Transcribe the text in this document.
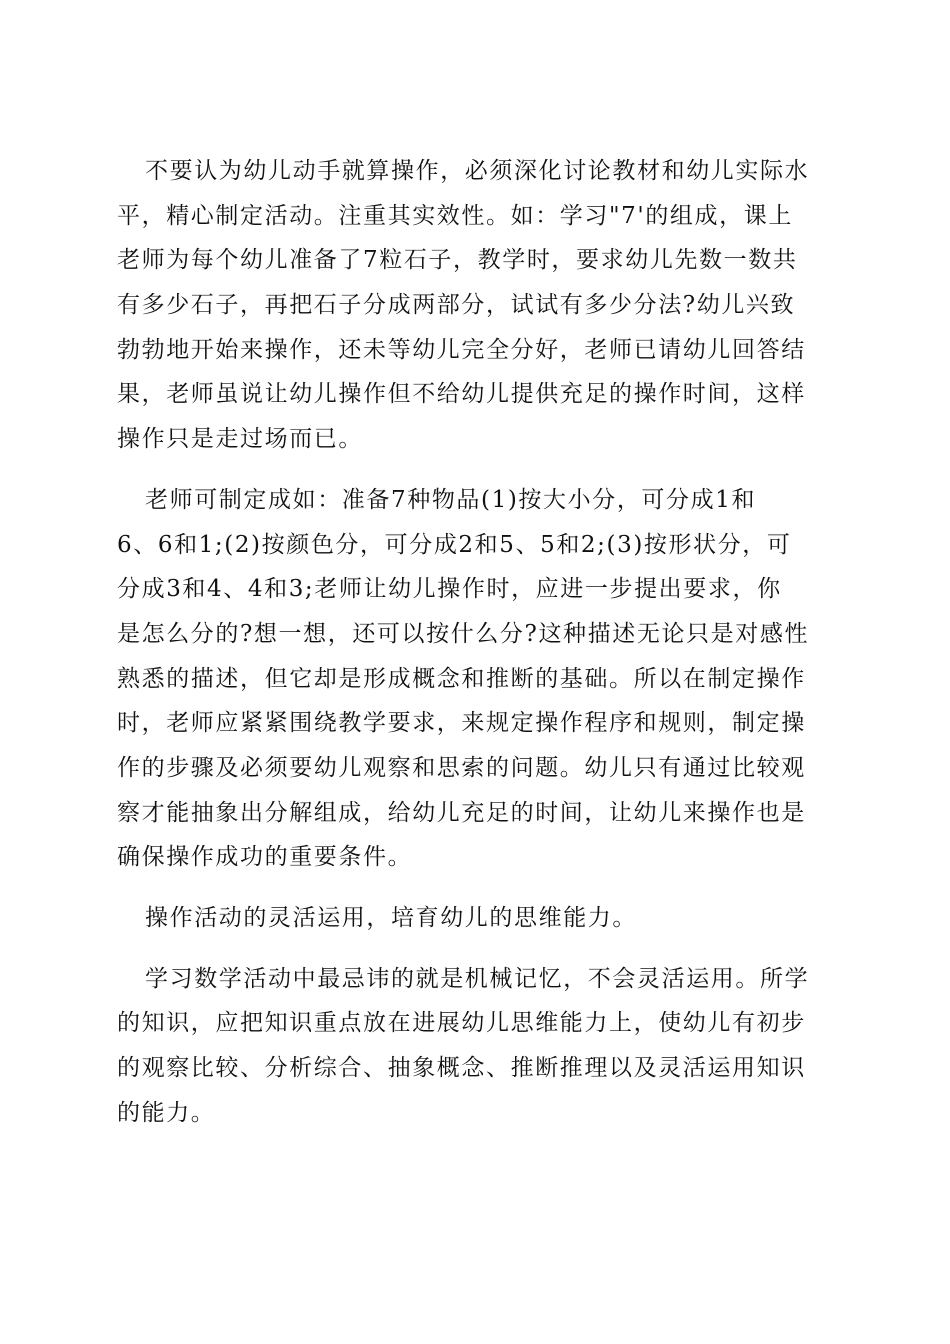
不要认为幼儿动手就算操作，必须深化讨论教材和幼儿实际水
平，精心制定活动。注重其实效性。如：学习"7'的组成，课上
老师为每个幼儿准备了7粒石子，教学时，要求幼儿先数一数共
有多少石子，再把石子分成两部分，试试有多少分法?幼儿兴致
勃勃地开始来操作，还未等幼儿完全分好，老师已请幼儿回答结
果，老师虽说让幼儿操作但不给幼儿提供充足的操作时间，这样
操作只是走过场而已。
老师可制定成如：准备7种物品(1)按大小分，可分成1和
6、6和1;(2)按颜色分，可分成2和5、5和2;(3)按形状分，可
分成3和4、4和3;老师让幼儿操作时，应进一步提出要求，你
是怎么分的?想一想，还可以按什么分?这种描述无论只是对感性
熟悉的描述，但它却是形成概念和推断的基础。所以在制定操作
时，老师应紧紧围绕教学要求，来规定操作程序和规则，制定操
作的步骤及必须要幼儿观察和思索的问题。幼儿只有通过比较观
察才能抽象出分解组成，给幼儿充足的时间，让幼儿来操作也是
确保操作成功的重要条件。
操作活动的灵活运用，培育幼儿的思维能力。
学习数学活动中最忌讳的就是机械记忆，不会灵活运用。所学
的知识，应把知识重点放在进展幼儿思维能力上，使幼儿有初步
的观察比较、分析综合、抽象概念、推断推理以及灵活运用知识
的能力。
